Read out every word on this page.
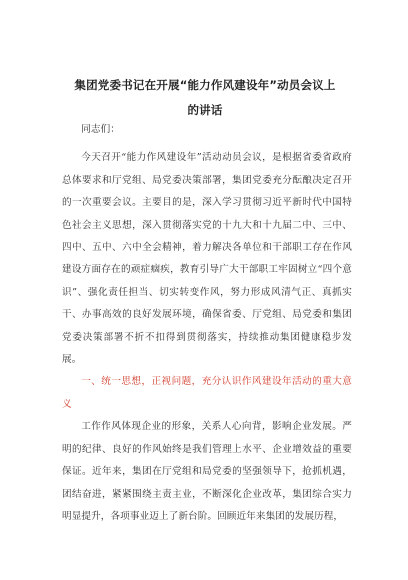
集团党委书记在开展“能力作风建设年”动员会议上的讲话

同志们：

今天召开“能力作风建设年”活动动员会议，是根据省委省政府总体要求和厅党组、局党委决策部署，集团党委充分酝酿决定召开的一次重要会议。主要目的是，深入学习贯彻习近平新时代中国特色社会主义思想，深入贯彻落实党的十九大和十九届二中、三中、四中、五中、六中全会精神，着力解决各单位和干部职工存在作风建设方面存在的顽症痼疾，教育引导广大干部职工牢固树立“四个意识”、强化责任担当、切实转变作风，努力形成风清气正、真抓实干、办事高效的良好发展环境，确保省委、厅党组、局党委和集团党委决策部署不折不扣得到贯彻落实，持续推动集团健康稳步发展。

一、统一思想，正视问题，充分认识作风建设年活动的重大意义

工作作风体现企业的形象，关系人心向背，影响企业发展。严明的纪律、良好的作风始终是我们管理上水平、企业增效益的重要保证。近年来，集团在厅党组和局党委的坚强领导下，抢抓机遇，团结奋进，紧紧围绕主责主业，不断深化企业改革，集团综合实力明显提升，各项事业迈上了新台阶。回顾近年来集团的发展历程，
